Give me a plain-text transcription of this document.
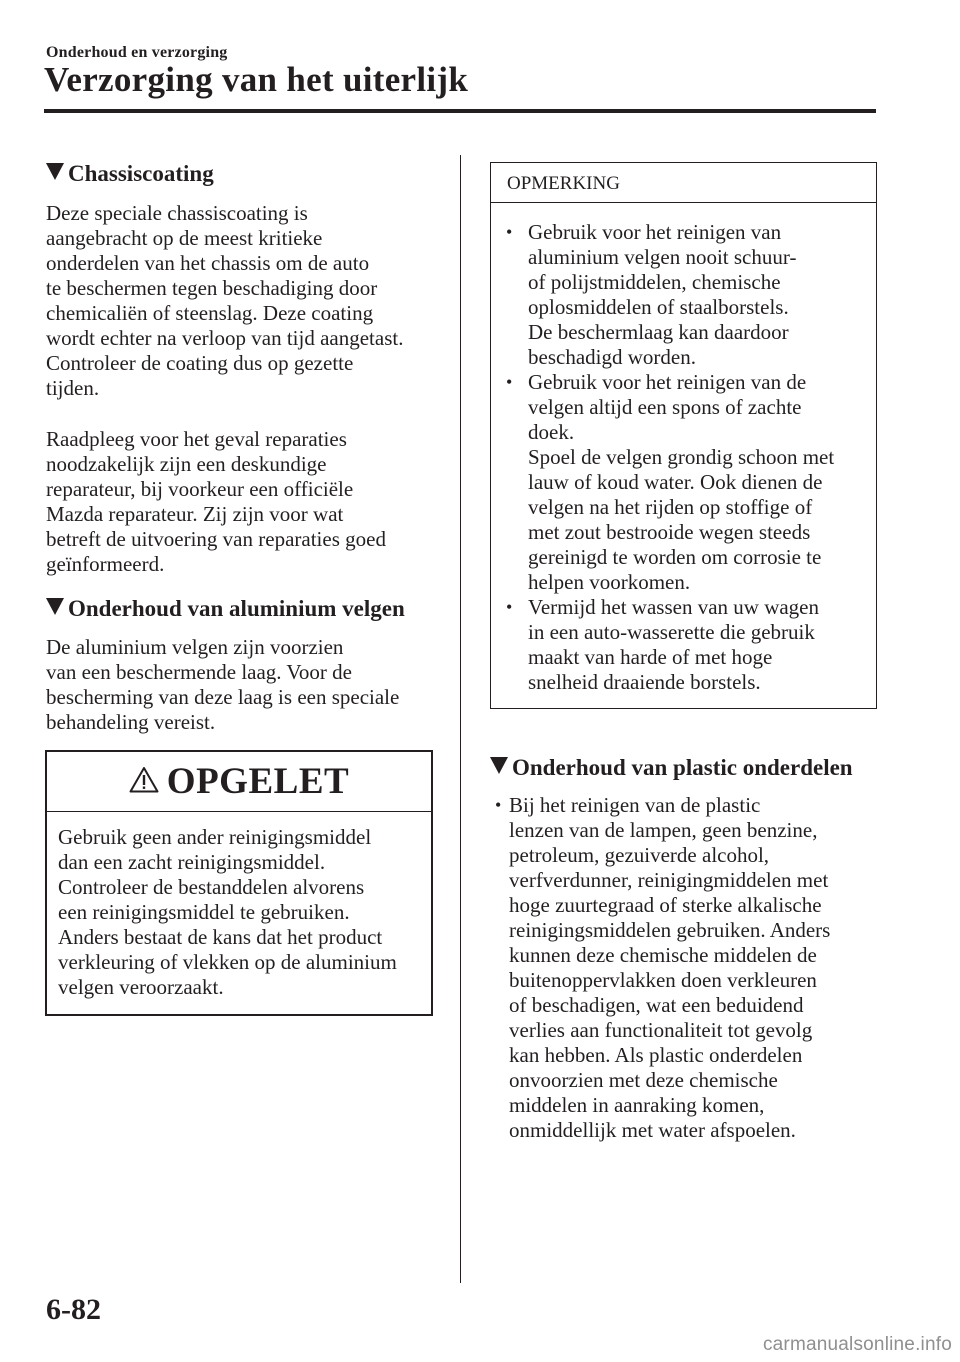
Onderhoud en verzorging
Verzorging van het uiterlijk
Chassiscoating
Deze speciale chassiscoating is
aangebracht op de meest kritieke
onderdelen van het chassis om de auto
te beschermen tegen beschadiging door
chemicaliën of steenslag. Deze coating
wordt echter na verloop van tijd aangetast.
Controleer de coating dus op gezette
tijden.
Raadpleeg voor het geval reparaties
noodzakelijk zijn een deskundige
reparateur, bij voorkeur een officiële
Mazda reparateur. Zij zijn voor wat
betreft de uitvoering van reparaties goed
geïnformeerd.
Onderhoud van aluminium velgen
De aluminium velgen zijn voorzien
van een beschermende laag. Voor de
bescherming van deze laag is een speciale
behandeling vereist.
OPGELET
Gebruik geen ander reinigingsmiddel
dan een zacht reinigingsmiddel.
Controleer de bestanddelen alvorens
een reinigingsmiddel te gebruiken.
Anders bestaat de kans dat het product
verkleuring of vlekken op de aluminium
velgen veroorzaakt.
OPMERKING
• Gebruik voor het reinigen van
aluminium velgen nooit schuur-
of polijstmiddelen, chemische
oplosmiddelen of staalborstels.
De beschermlaag kan daardoor
beschadigd worden.
• Gebruik voor het reinigen van de
velgen altijd een spons of zachte
doek.
Spoel de velgen grondig schoon met
lauw of koud water. Ook dienen de
velgen na het rijden op stoffige of
met zout bestrooide wegen steeds
gereinigd te worden om corrosie te
helpen voorkomen.
• Vermijd het wassen van uw wagen
in een auto-wasserette die gebruik
maakt van harde of met hoge
snelheid draaiende borstels.
Onderhoud van plastic onderdelen
• Bij het reinigen van de plastic
lenzen van de lampen, geen benzine,
petroleum, gezuiverde alcohol,
verfverdunner, reinigingmiddelen met
hoge zuurtegraad of sterke alkalische
reinigingsmiddelen gebruiken. Anders
kunnen deze chemische middelen de
buitenoppervlakken doen verkleuren
of beschadigen, wat een beduidend
verlies aan functionaliteit tot gevolg
kan hebben. Als plastic onderdelen
onvoorzien met deze chemische
middelen in aanraking komen,
onmiddellijk met water afspoelen.
6-82
carmanualsonline.info
